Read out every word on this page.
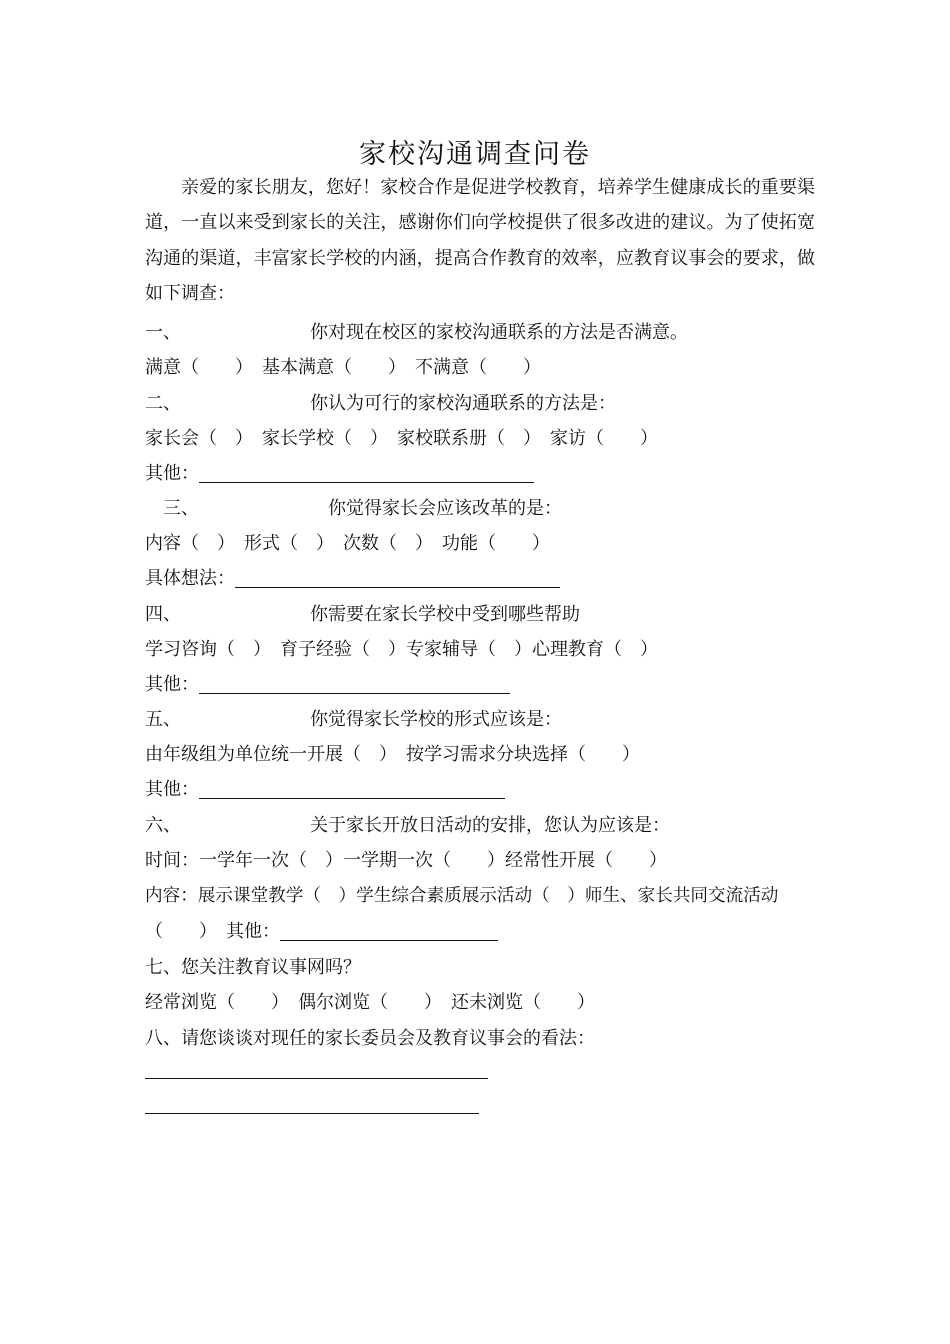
家校沟通调查问卷
亲爱的家长朋友，您好！家校合作是促进学校教育，培养学生健康成长的重要渠道，一直以来受到家长的关注，感谢你们向学校提供了很多改进的建议。为了使拓宽沟通的渠道，丰富家长学校的内涵，提高合作教育的效率，应教育议事会的要求，做如下调查：
一、	你对现在校区的家校沟通联系的方法是否满意。
满意（　　）　基本满意（　　）　不满意（　　）
二、	你认为可行的家校沟通联系的方法是：
家长会（　）　家长学校（　）　家校联系册（　）　家访（　　）
其他：
三、	你觉得家长会应该改革的是：
内容（　）　形式（　）　次数（　）　功能（　　）
具体想法：
四、	你需要在家长学校中受到哪些帮助
学习咨询（　）　育子经验（　）专家辅导（　）心理教育（　）
其他：
五、	你觉得家长学校的形式应该是：
由年级组为单位统一开展（　）　按学习需求分块选择（　　）
其他：
六、	关于家长开放日活动的安排，您认为应该是：
时间：一学年一次（　）一学期一次（　　）经常性开展（　　）
内容：展示课堂教学（　）学生综合素质展示活动（　）师生、家长共同交流活动
（　　）　其他：
七、您关注教育议事网吗？
经常浏览（　　）　偶尔浏览（　　）　还未浏览（　　）
八、请您谈谈对现任的家长委员会及教育议事会的看法：
